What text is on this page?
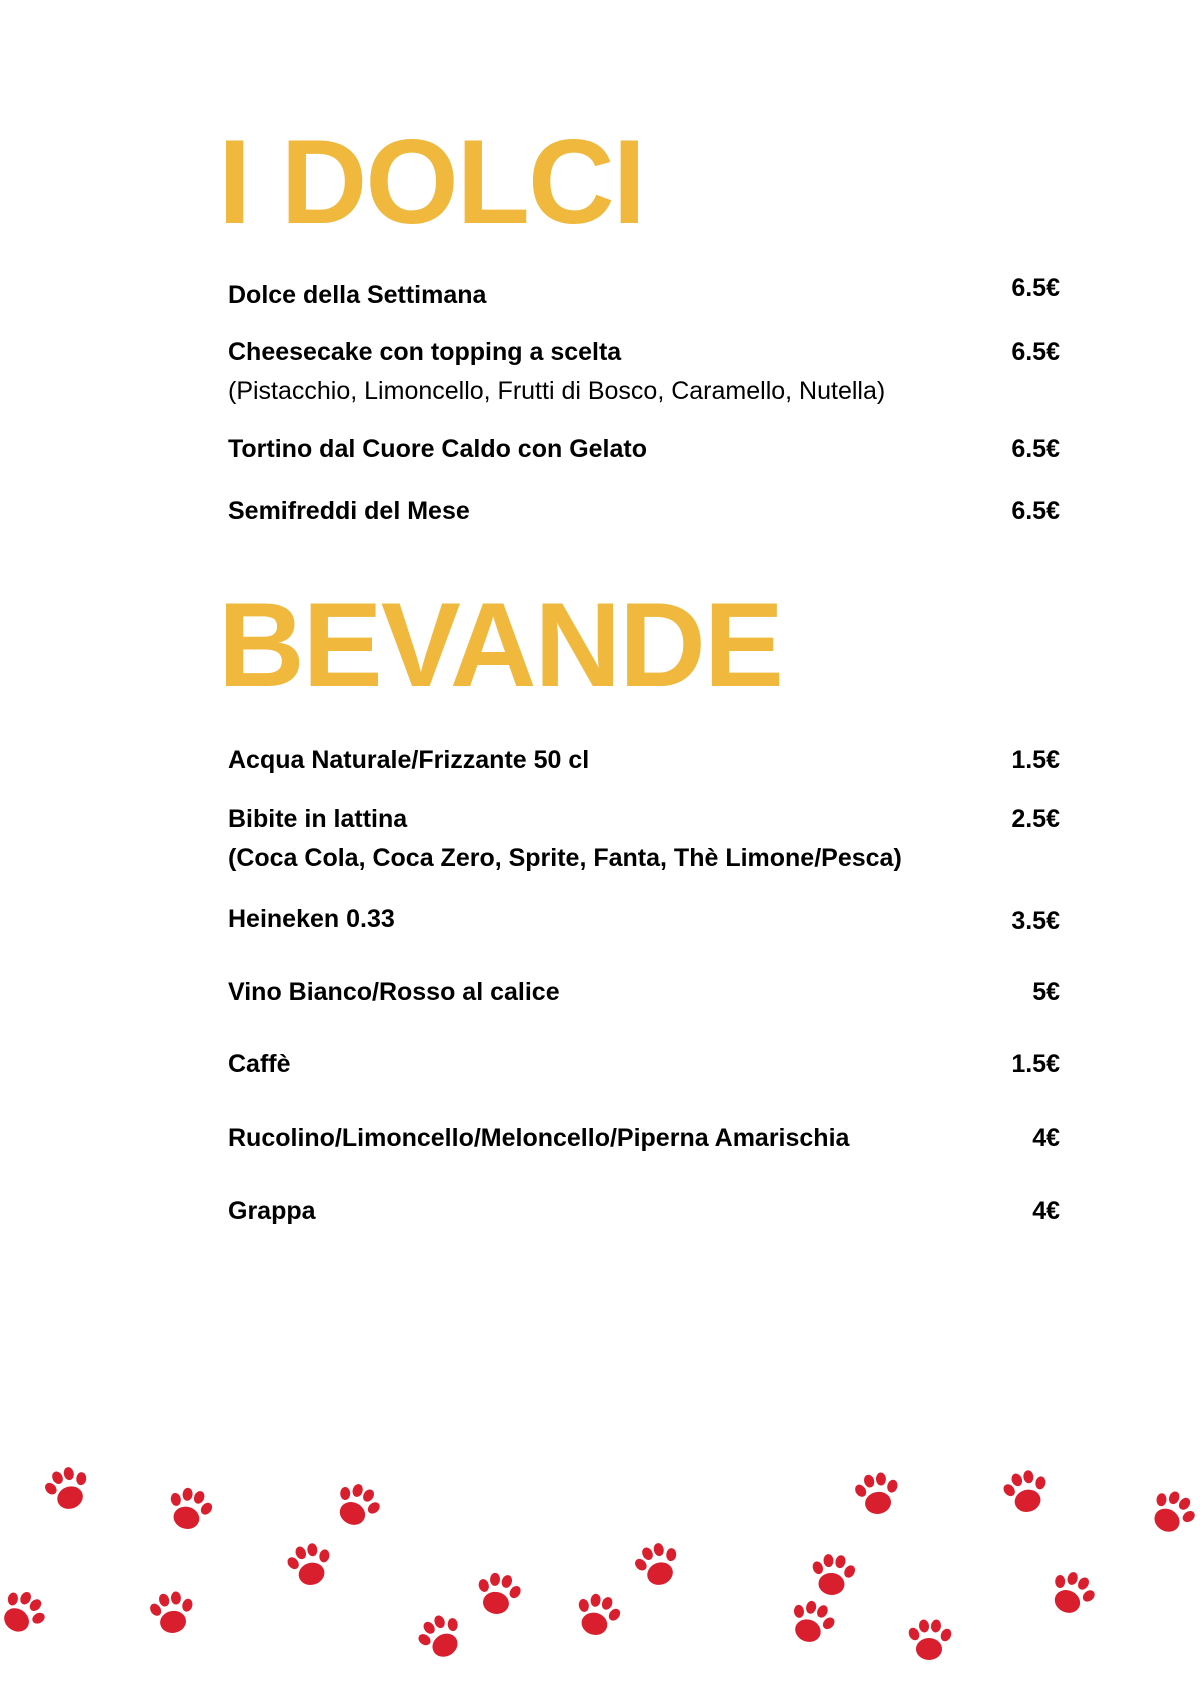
I DOLCI
Dolce della Settimana	6.5€
Cheesecake con topping a scelta	6.5€
(Pistacchio, Limoncello, Frutti di Bosco, Caramello, Nutella)
Tortino dal Cuore Caldo con Gelato	6.5€
Semifreddi del Mese	6.5€
BEVANDE
Acqua Naturale/Frizzante 50 cl	1.5€
Bibite in lattina	2.5€
(Coca Cola, Coca Zero, Sprite, Fanta, Thè Limone/Pesca)
Heineken 0.33	3.5€
Vino Bianco/Rosso al calice	5€
Caffè	1.5€
Rucolino/Limoncello/Meloncello/Piperna Amarischia	4€
Grappa	4€
